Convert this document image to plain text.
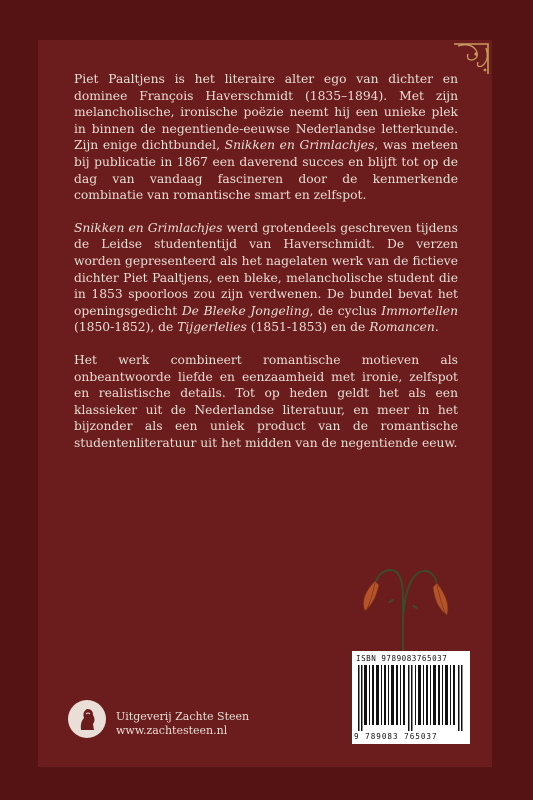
Piet Paaltjens is het literaire alter ego van dichter en dominee François Haverschmidt (1835–1894). Met zijn melancholische, ironische poëzie neemt hij een unieke plek in binnen de negentiende-eeuwse Nederlandse letterkunde. Zijn enige dichtbundel, Snikken en Grimlachjes, was meteen bij publicatie in 1867 een daverend succes en blijft tot op de dag van vandaag fascineren door de kenmerkende combinatie van romantische smart en zelfspot.

Snikken en Grimlachjes werd grotendeels geschreven tijdens de Leidse studententijd van Haverschmidt. De verzen worden gepresenteerd als het nagelaten werk van de fictieve dichter Piet Paaltjens, een bleke, melancholische student die in 1853 spoorloos zou zijn verdwenen. De bundel bevat het openingsgedicht De Bleeke Jongeling, de cyclus Immortellen (1850-1852), de Tijgerlelies (1851-1853) en de Romancen.

Het werk combineert romantische motieven als onbeantwoorde liefde en eenzaamheid met ironie, zelfspot en realistische details. Tot op heden geldt het als een klassieker uit de Nederlandse literatuur, en meer in het bijzonder als een uniek product van de romantische studentenliteratuur uit het midden van de negentiende eeuw.

ISBN 9789083765037
9 789083 765037
Uitgeverij Zachte Steen
www.zachtesteen.nl
